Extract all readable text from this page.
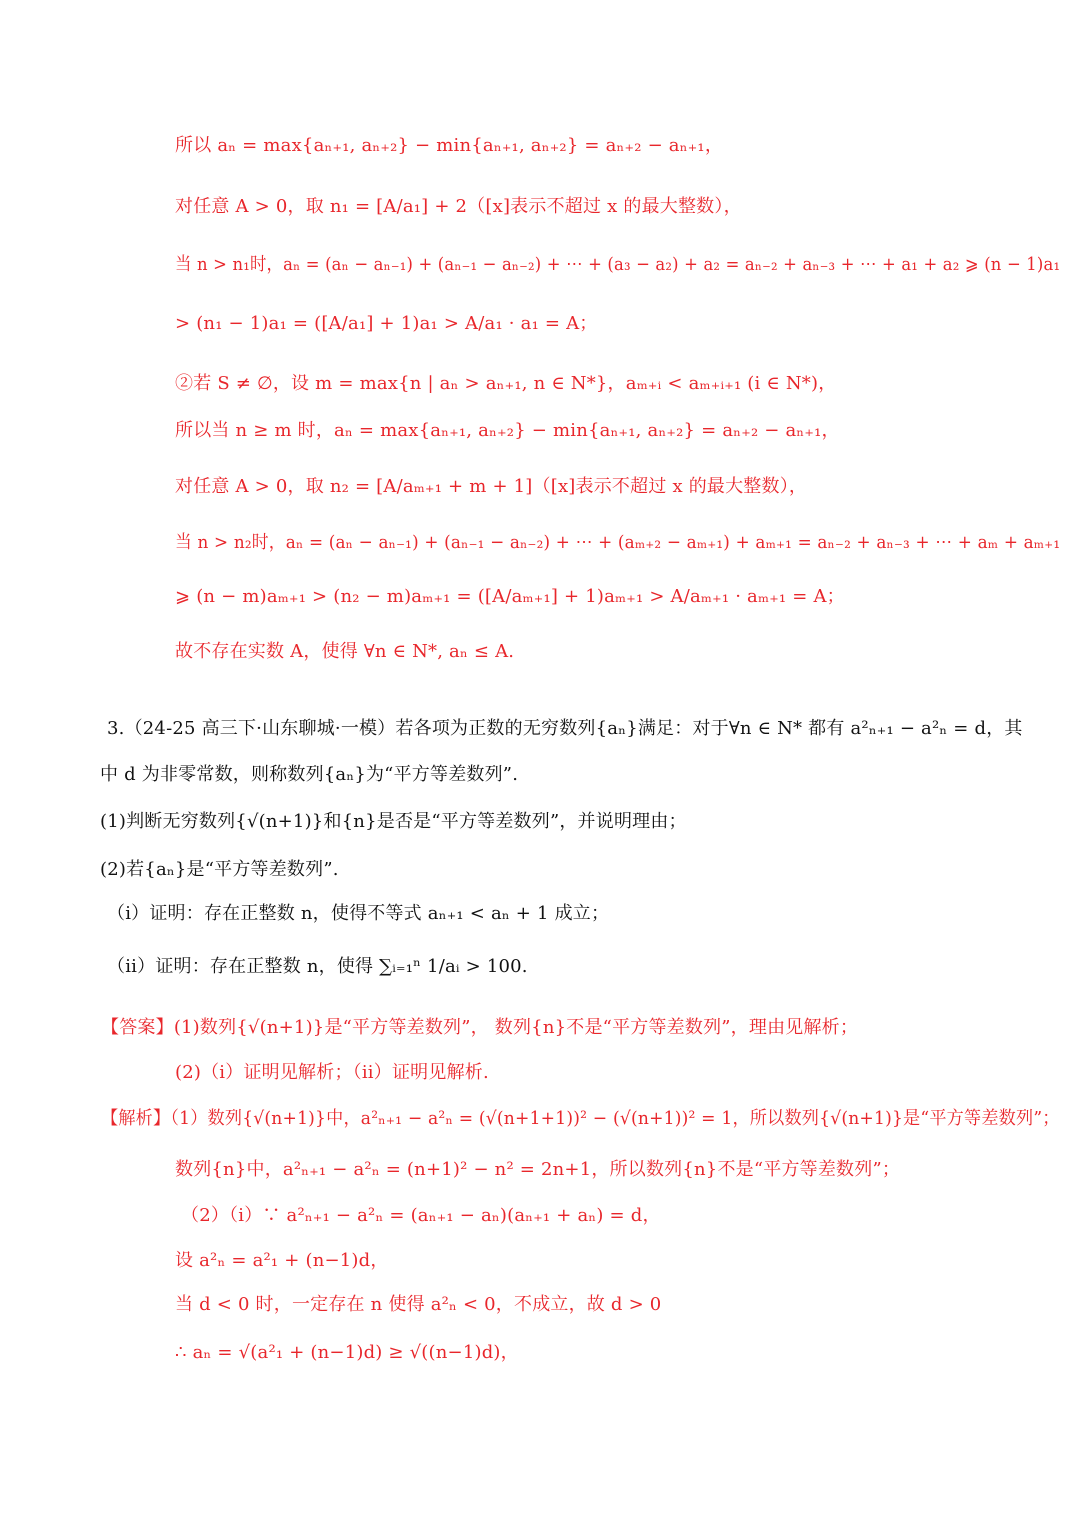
所以 aₙ = max{aₙ₊₁, aₙ₊₂} − min{aₙ₊₁, aₙ₊₂} = aₙ₊₂ − aₙ₊₁，
对任意 A > 0，取 n₁ = [A/a₁] + 2（[x]表示不超过 x 的最大整数），
当 n > n₁时，aₙ = (aₙ − aₙ₋₁) + (aₙ₋₁ − aₙ₋₂) + ⋯ + (a₃ − a₂) + a₂ = aₙ₋₂ + aₙ₋₃ + ⋯ + a₁ + a₂ ⩾ (n − 1)a₁
> (n₁ − 1)a₁ = ([A/a₁] + 1)a₁ > A/a₁ · a₁ = A；
②若 S ≠ ∅，设 m = max{n | aₙ > aₙ₊₁, n ∈ N*}，aₘ₊ᵢ < aₘ₊ᵢ₊₁ (i ∈ N*)，
所以当 n ≥ m 时，aₙ = max{aₙ₊₁, aₙ₊₂} − min{aₙ₊₁, aₙ₊₂} = aₙ₊₂ − aₙ₊₁，
对任意 A > 0，取 n₂ = [A/aₘ₊₁ + m + 1]（[x]表示不超过 x 的最大整数），
当 n > n₂时，aₙ = (aₙ − aₙ₋₁) + (aₙ₋₁ − aₙ₋₂) + ⋯ + (aₘ₊₂ − aₘ₊₁) + aₘ₊₁ = aₙ₋₂ + aₙ₋₃ + ⋯ + aₘ + aₘ₊₁
⩾ (n − m)aₘ₊₁ > (n₂ − m)aₘ₊₁ = ([A/aₘ₊₁] + 1)aₘ₊₁ > A/aₘ₊₁ · aₘ₊₁ = A；
故不存在实数 A，使得 ∀n ∈ N*, aₙ ≤ A.
3.（24-25 高三下·山东聊城·一模）若各项为正数的无穷数列{aₙ}满足：对于∀n ∈ N* 都有 a²ₙ₊₁ − a²ₙ = d，其
中 d 为非零常数，则称数列{aₙ}为“平方等差数列”.
(1)判断无穷数列{√(n+1)}和{n}是否是“平方等差数列”，并说明理由；
(2)若{aₙ}是“平方等差数列”.
（i）证明：存在正整数 n，使得不等式 aₙ₊₁ < aₙ + 1 成立；
（ii）证明：存在正整数 n，使得 ∑ᵢ₌₁ⁿ 1/aᵢ > 100.
【答案】(1)数列{√(n+1)}是“平方等差数列”， 数列{n}不是“平方等差数列”，理由见解析；
(2)（i）证明见解析；（ii）证明见解析.
【解析】（1）数列{√(n+1)}中，a²ₙ₊₁ − a²ₙ = (√(n+1+1))² − (√(n+1))² = 1，所以数列{√(n+1)}是“平方等差数列”；
数列{n}中，a²ₙ₊₁ − a²ₙ = (n+1)² − n² = 2n+1，所以数列{n}不是“平方等差数列”；
（2）（i）∵ a²ₙ₊₁ − a²ₙ = (aₙ₊₁ − aₙ)(aₙ₊₁ + aₙ) = d，
设 a²ₙ = a²₁ + (n−1)d，
当 d < 0 时，一定存在 n 使得 a²ₙ < 0，不成立，故 d > 0
∴ aₙ = √(a²₁ + (n−1)d) ≥ √((n−1)d)，
